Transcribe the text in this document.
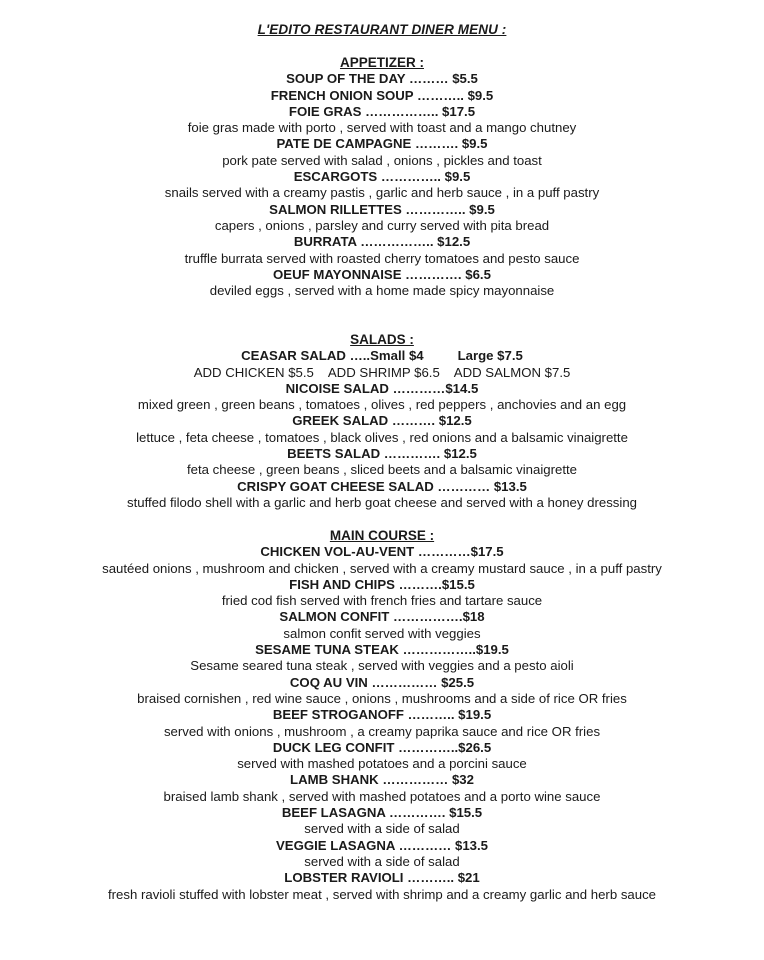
L'EDITO RESTAURANT DINER MENU :
APPETIZER :
SOUP OF THE DAY ……… $5.5
FRENCH ONION SOUP ……….. $9.5
FOIE GRAS …………….. $17.5
foie gras made with porto , served with toast and a mango chutney
PATE DE CAMPAGNE ………. $9.5
pork pate served with salad , onions , pickles and toast
ESCARGOTS ………….. $9.5
snails served with a creamy pastis , garlic and herb sauce , in a puff pastry
SALMON RILLETTES ………….. $9.5
capers , onions , parsley and curry served with pita bread
BURRATA …………….. $12.5
truffle burrata served with roasted cherry tomatoes and pesto sauce
OEUF MAYONNAISE …………. $6.5
deviled eggs , served with a home made spicy mayonnaise
SALADS :
CEASAR SALAD …..Small $4	Large $7.5
ADD CHICKEN $5.5 ADD SHRIMP $6.5 ADD SALMON $7.5
NICOISE SALAD …………$14.5
mixed green , green beans , tomatoes , olives , red peppers , anchovies and an egg
GREEK SALAD ………. $12.5
lettuce , feta cheese , tomatoes , black olives , red onions and a balsamic vinaigrette
BEETS SALAD …………. $12.5
feta cheese , green beans , sliced beets and a balsamic vinaigrette
CRISPY GOAT CHEESE SALAD ………… $13.5
stuffed filodo shell with a garlic and herb goat cheese and served with a honey dressing
MAIN COURSE :
CHICKEN VOL-AU-VENT …………$17.5
sautéed onions , mushroom and chicken , served with a creamy mustard sauce , in a puff pastry
FISH AND CHIPS ……….$15.5
fried cod fish served with french fries and tartare sauce
SALMON CONFIT …………….$18
salmon confit served with veggies
SESAME TUNA STEAK ……………..$19.5
Sesame seared tuna steak , served with veggies and a pesto aioli
COQ AU VIN …………… $25.5
braised cornishen , red wine sauce , onions , mushrooms and a side of rice OR fries
BEEF STROGANOFF ……….. $19.5
served with onions , mushroom , a creamy paprika sauce and rice OR fries
DUCK LEG CONFIT …………..$26.5
served with mashed potatoes and a porcini sauce
LAMB SHANK …………… $32
braised lamb shank , served with mashed potatoes and a porto wine sauce
BEEF LASAGNA …………. $15.5
served with a side of salad
VEGGIE LASAGNA ………… $13.5
served with a side of salad
LOBSTER RAVIOLI ……….. $21
fresh ravioli stuffed with lobster meat , served with shrimp and a creamy garlic and herb sauce
